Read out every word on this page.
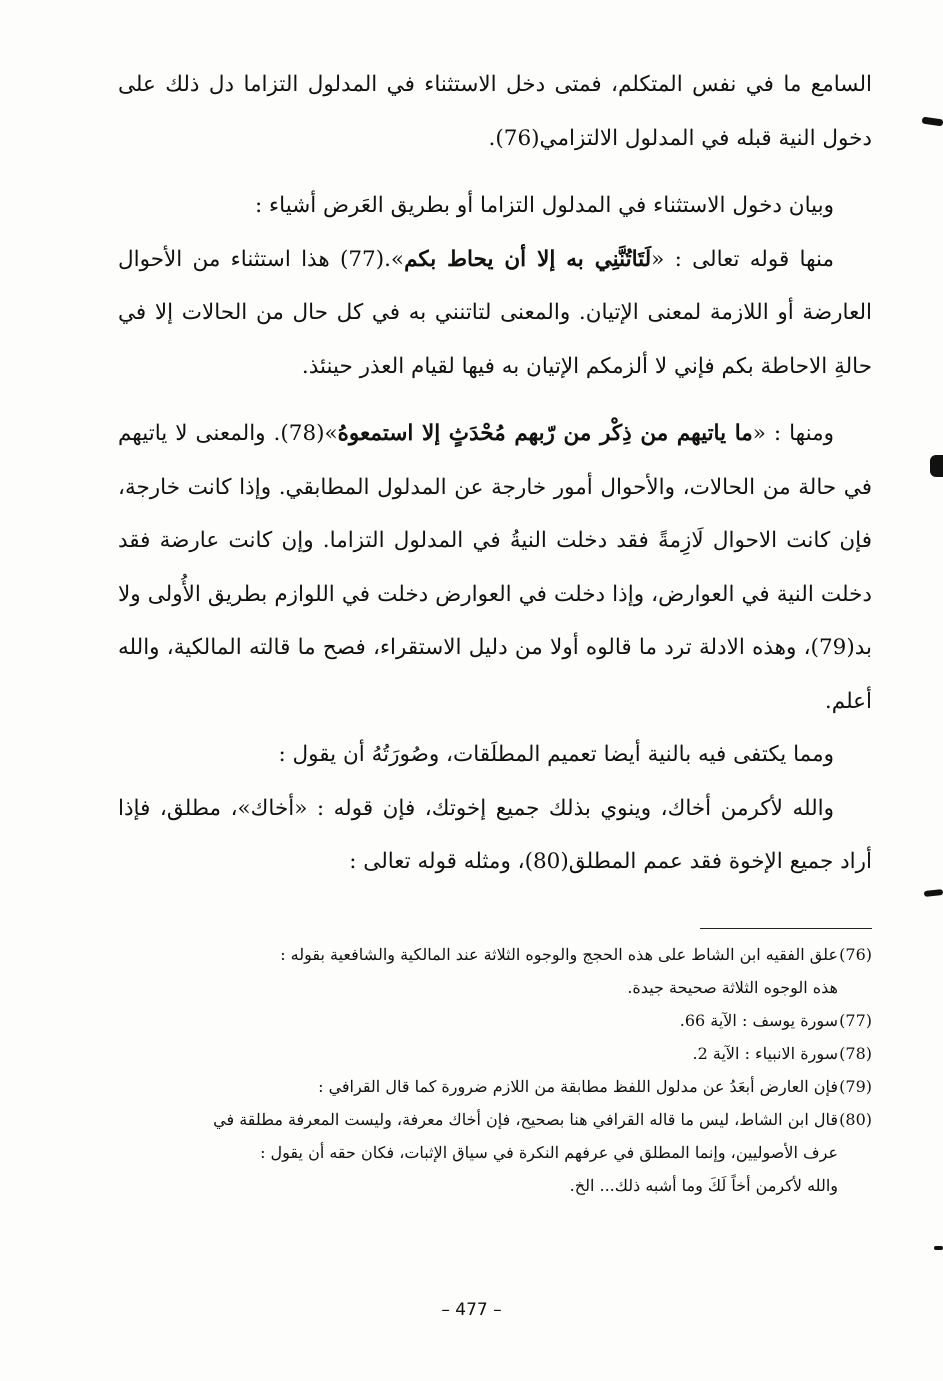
السامع ما في نفس المتكلم، فمتى دخل الاستثناء في المدلول التزاما دل ذلك على دخول النية قبله في المدلول الالتزامي(76).

وبيان دخول الاستثناء في المدلول التزاما أو بطريق العَرض أشياء :

منها قوله تعالى : «لَتَاتُنَّنِي به إلا أن يحاط بكم».(77) هذا استثناء من الأحوال العارضة أو اللازمة لمعنى الإتيان. والمعنى لتاتنني به في كل حال من الحالات إلا في حالةِ الاحاطة بكم فإني لا ألزمكم الإتيان به فيها لقيام العذر حينئذ.

ومنها : «ما ياتيهم من ذِكْر من رّبهم مُحْدَثٍ إلا استمعوهُ»(78). والمعنى لا ياتيهم في حالة من الحالات، والأحوال أمور خارجة عن المدلول المطابقي. وإذا كانت خارجة، فإن كانت الاحوال لَازِمةً فقد دخلت النيةُ في المدلول التزاما. وإن كانت عارضة فقد دخلت النية في العوارض، وإذا دخلت في العوارض دخلت في اللوازم بطريق الأُولى ولا بد(79)، وهذه الادلة ترد ما قالوه أولا من دليل الاستقراء، فصح ما قالته المالكية، والله أعلم.

ومما يكتفى فيه بالنية أيضا تعميم المطلَقات، وصُورَتُهُ أن يقول :

والله لأكرمن أخاك، وينوي بذلك جميع إخوتك، فإن قوله : «أخاك»، مطلق، فإذا أراد جميع الإخوة فقد عمم المطلق(80)، ومثله قوله تعالى :

(76)
علق الفقيه ابن الشاط على هذه الحجج والوجوه الثلاثة عند المالكية والشافعية بقوله :
هذه الوجوه الثلاثة صحيحة جيدة.
(77)
سورة يوسف : الآية 66.
(78)
سورة الانبياء : الآية 2.
(79)
فإن العارض أبعَدُ عن مدلول اللفظ مطابقة من اللازم ضرورة كما قال القرافي :
(80)
قال ابن الشاط، ليس ما قاله القرافي هنا بصحيح، فإن أخاك معرفة، وليست المعرفة مطلقة في
عرف الأصوليين، وإنما المطلق في عرفهم النكرة في سياق الإثبات، فكان حقه أن يقول :
والله لأكرمن أخاً لَكَ وما أشبه ذلك... الخ.
– 477 –
